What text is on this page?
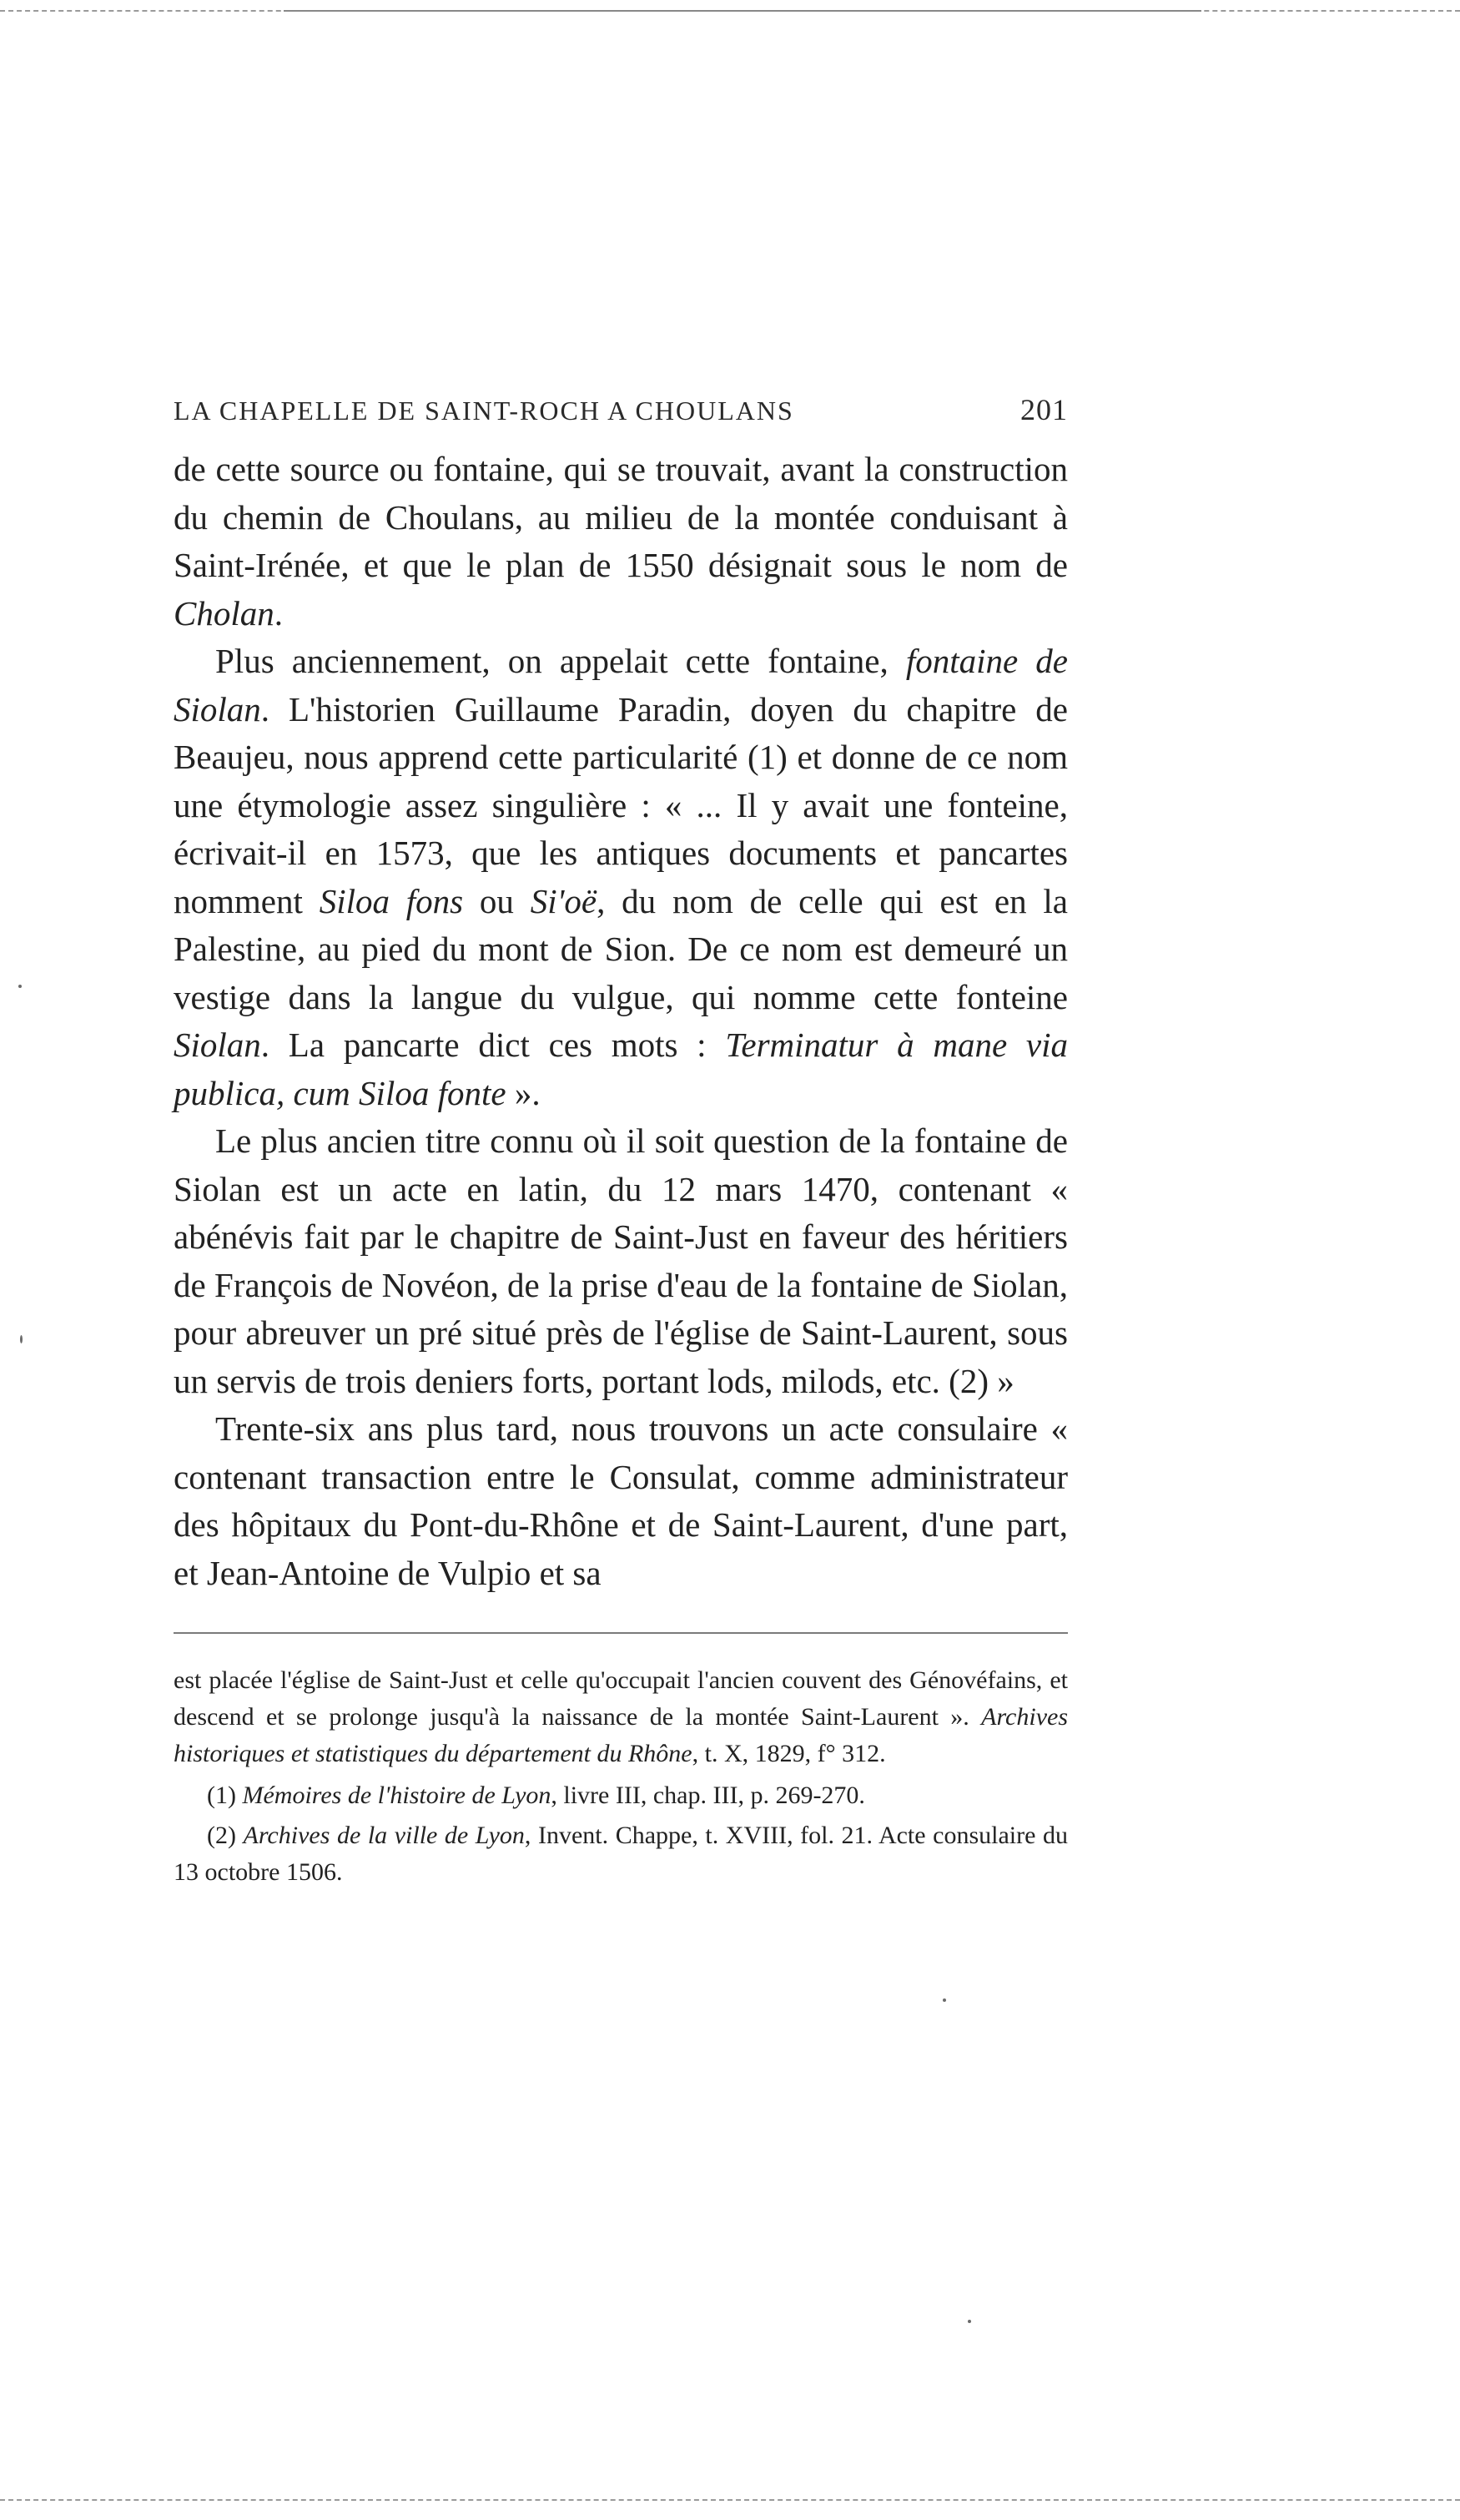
LA CHAPELLE DE SAINT-ROCH A CHOULANS	201

de cette source ou fontaine, qui se trouvait, avant la construction du chemin de Choulans, au milieu de la montée conduisant à Saint-Irénée, et que le plan de 1550 désignait sous le nom de Cholan.

Plus anciennement, on appelait cette fontaine, fontaine de Siolan. L'historien Guillaume Paradin, doyen du chapitre de Beaujeu, nous apprend cette particularité (1) et donne de ce nom une étymologie assez singulière : « ... Il y avait une fonteine, écrivait-il en 1573, que les antiques documents et pancartes nomment Siloa fons ou Si'oë, du nom de celle qui est en la Palestine, au pied du mont de Sion. De ce nom est demeuré un vestige dans la langue du vulgue, qui nomme cette fonteine Siolan. La pancarte dict ces mots : Terminatur à mane via publica, cum Siloa fonte ».

Le plus ancien titre connu où il soit question de la fontaine de Siolan est un acte en latin, du 12 mars 1470, contenant « abénévis fait par le chapitre de Saint-Just en faveur des héritiers de François de Novéon, de la prise d'eau de la fontaine de Siolan, pour abreuver un pré situé près de l'église de Saint-Laurent, sous un servis de trois deniers forts, portant lods, milods, etc. (2) »

Trente-six ans plus tard, nous trouvons un acte consulaire « contenant transaction entre le Consulat, comme administrateur des hôpitaux du Pont-du-Rhône et de Saint-Laurent, d'une part, et Jean-Antoine de Vulpio et sa

est placée l'église de Saint-Just et celle qu'occupait l'ancien couvent des Génovéfains, et descend et se prolonge jusqu'à la naissance de la montée Saint-Laurent ». Archives historiques et statistiques du département du Rhône, t. X, 1829, f° 312.

(1) Mémoires de l'histoire de Lyon, livre III, chap. III, p. 269-270.

(2) Archives de la ville de Lyon, Invent. Chappe, t. XVIII, fol. 21. Acte consulaire du 13 octobre 1506.
